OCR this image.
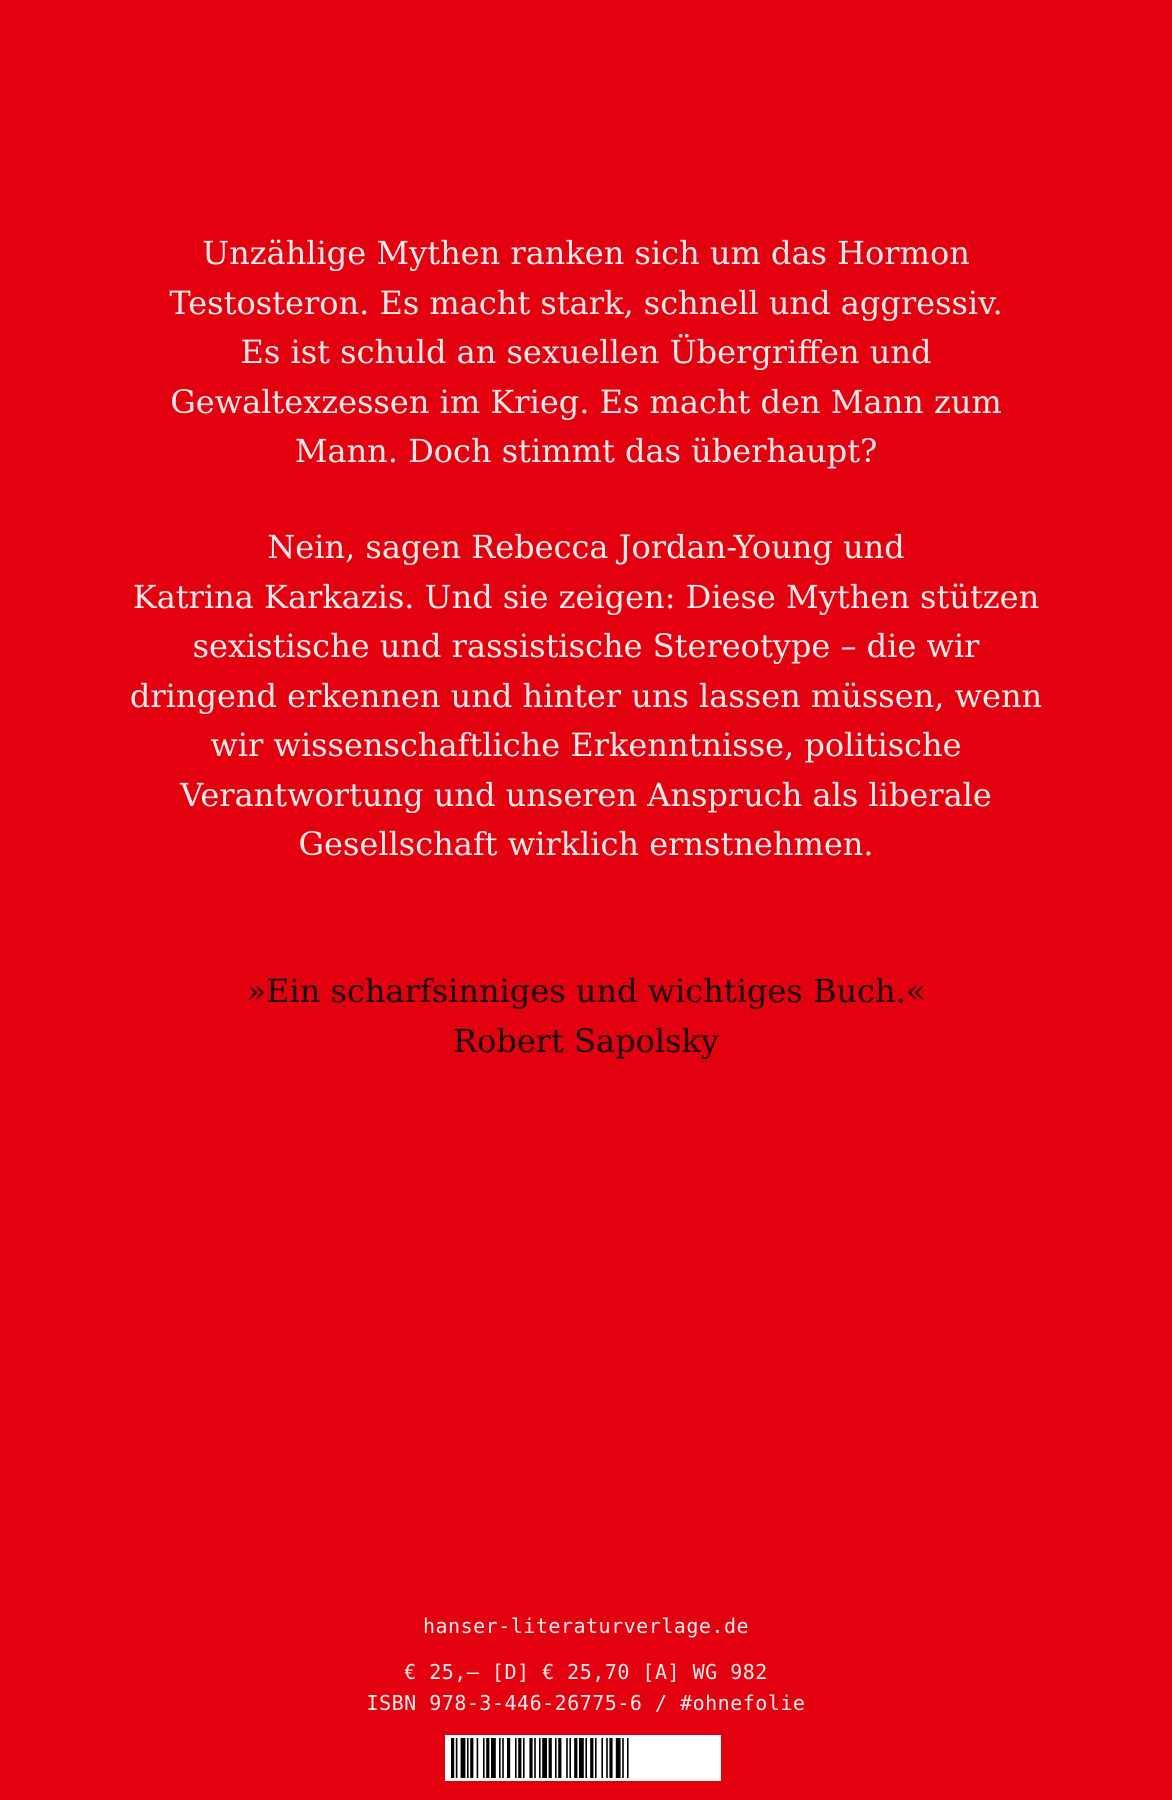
Unzählige Mythen ranken sich um das Hormon
Testosteron. Es macht stark, schnell und aggressiv.
Es ist schuld an sexuellen Übergriffen und
Gewaltexzessen im Krieg. Es macht den Mann zum
Mann. Doch stimmt das überhaupt?
Nein, sagen Rebecca Jordan-Young und
Katrina Karkazis. Und sie zeigen: Diese Mythen stützen
sexistische und rassistische Stereotype – die wir
dringend erkennen und hinter uns lassen müssen, wenn
wir wissenschaftliche Erkenntnisse, politische
Verantwortung und unseren Anspruch als liberale
Gesellschaft wirklich ernstnehmen.
»Ein scharfsinniges und wichtiges Buch.«
Robert Sapolsky
hanser-literaturverlage.de
€ 25,– [D] € 25,70 [A] WG 982
ISBN 978-3-446-26775-6 / #ohnefolie
